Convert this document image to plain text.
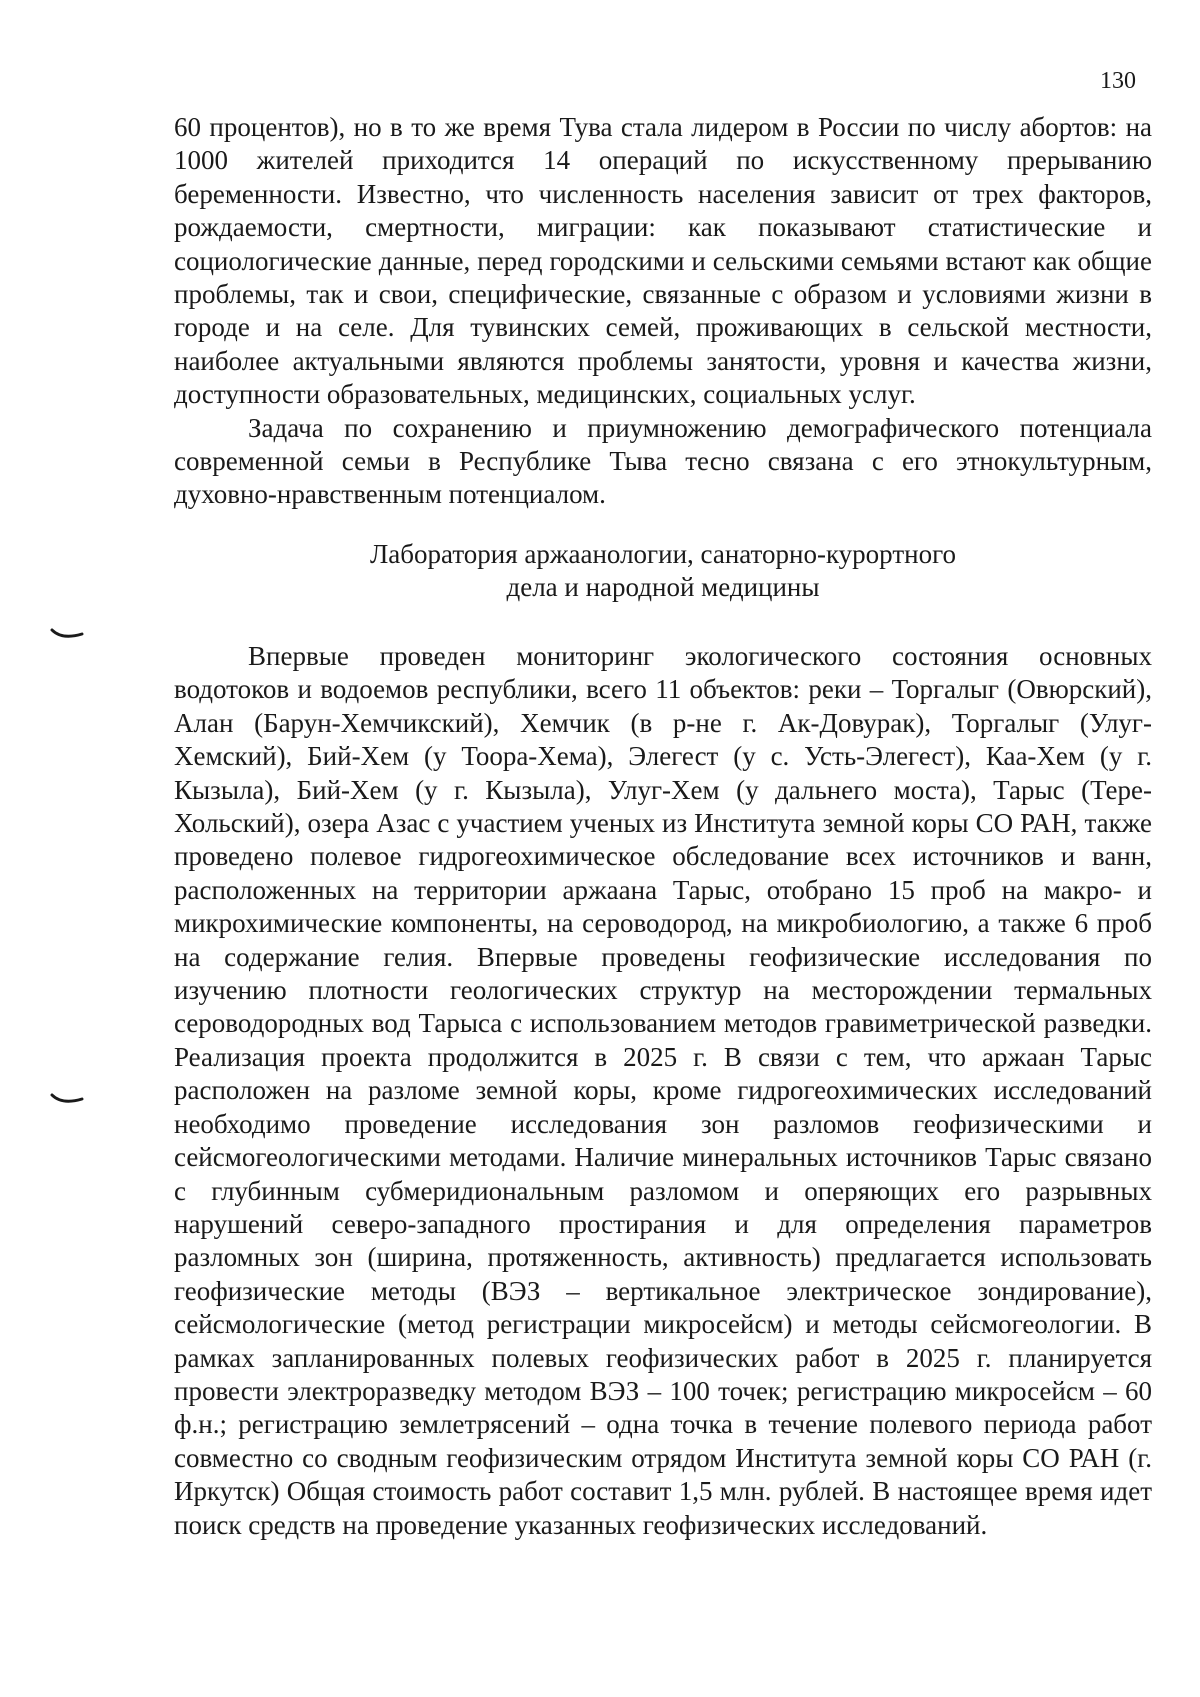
130

60 процентов), но в то же время Тува стала лидером в России по числу абортов: на 1000 жителей приходится 14 операций по искусственному прерыванию беременности. Известно, что численность населения зависит от трех факторов, рождаемости, смертности, миграции: как показывают статистические и социологические данные, перед городскими и сельскими семьями встают как общие проблемы, так и свои, специфические, связанные с образом и условиями жизни в городе и на селе. Для тувинских семей, проживающих в сельской местности, наиболее актуальными являются проблемы занятости, уровня и качества жизни, доступности образовательных, медицинских, социальных услуг.

Задача по сохранению и приумножению демографического потенциала современной семьи в Республике Тыва тесно связана с его этнокультурным, духовно-нравственным потенциалом.

Лаборатория аржаанологии, санаторно-курортного
дела и народной медицины

Впервые проведен мониторинг экологического состояния основных водотоков и водоемов республики, всего 11 объектов: реки – Торгалыг (Овюрский), Алан (Барун-Хемчикский), Хемчик (в р-не г. Ак-Довурак), Торгалыг (Улуг-Хемский), Бий-Хем (у Тоора-Хема), Элегест (у с. Усть-Элегест), Каа-Хем (у г. Кызыла), Бий-Хем (у г. Кызыла), Улуг-Хем (у дальнего моста), Тарыс (Тере-Хольский), озера Азас с участием ученых из Института земной коры СО РАН, также проведено полевое гидрогеохимическое обследование всех источников и ванн, расположенных на территории аржаана Тарыс, отобрано 15 проб на макро- и микрохимические компоненты, на сероводород, на микробиологию, а также 6 проб на содержание гелия. Впервые проведены геофизические исследования по изучению плотности геологических структур на месторождении термальных сероводородных вод Тарыса с использованием методов гравиметрической разведки. Реализация проекта продолжится в 2025 г. В связи с тем, что аржаан Тарыс расположен на разломе земной коры, кроме гидрогеохимических исследований необходимо проведение исследования зон разломов геофизическими и сейсмогеологическими методами. Наличие минеральных источников Тарыс связано с глубинным субмеридиональным разломом и оперяющих его разрывных нарушений северо-западного простирания и для определения параметров разломных зон (ширина, протяженность, активность) предлагается использовать геофизические методы (ВЭЗ – вертикальное электрическое зондирование), сейсмологические (метод регистрации микросейсм) и методы сейсмогеологии. В рамках запланированных полевых геофизических работ в 2025 г. планируется провести электроразведку методом ВЭЗ – 100 точек; регистрацию микросейсм – 60 ф.н.; регистрацию землетрясений – одна точка в течение полевого периода работ совместно со сводным геофизическим отрядом Института земной коры СО РАН (г. Иркутск) Общая стоимость работ составит 1,5 млн. рублей. В настоящее время идет поиск средств на проведение указанных геофизических исследований.
